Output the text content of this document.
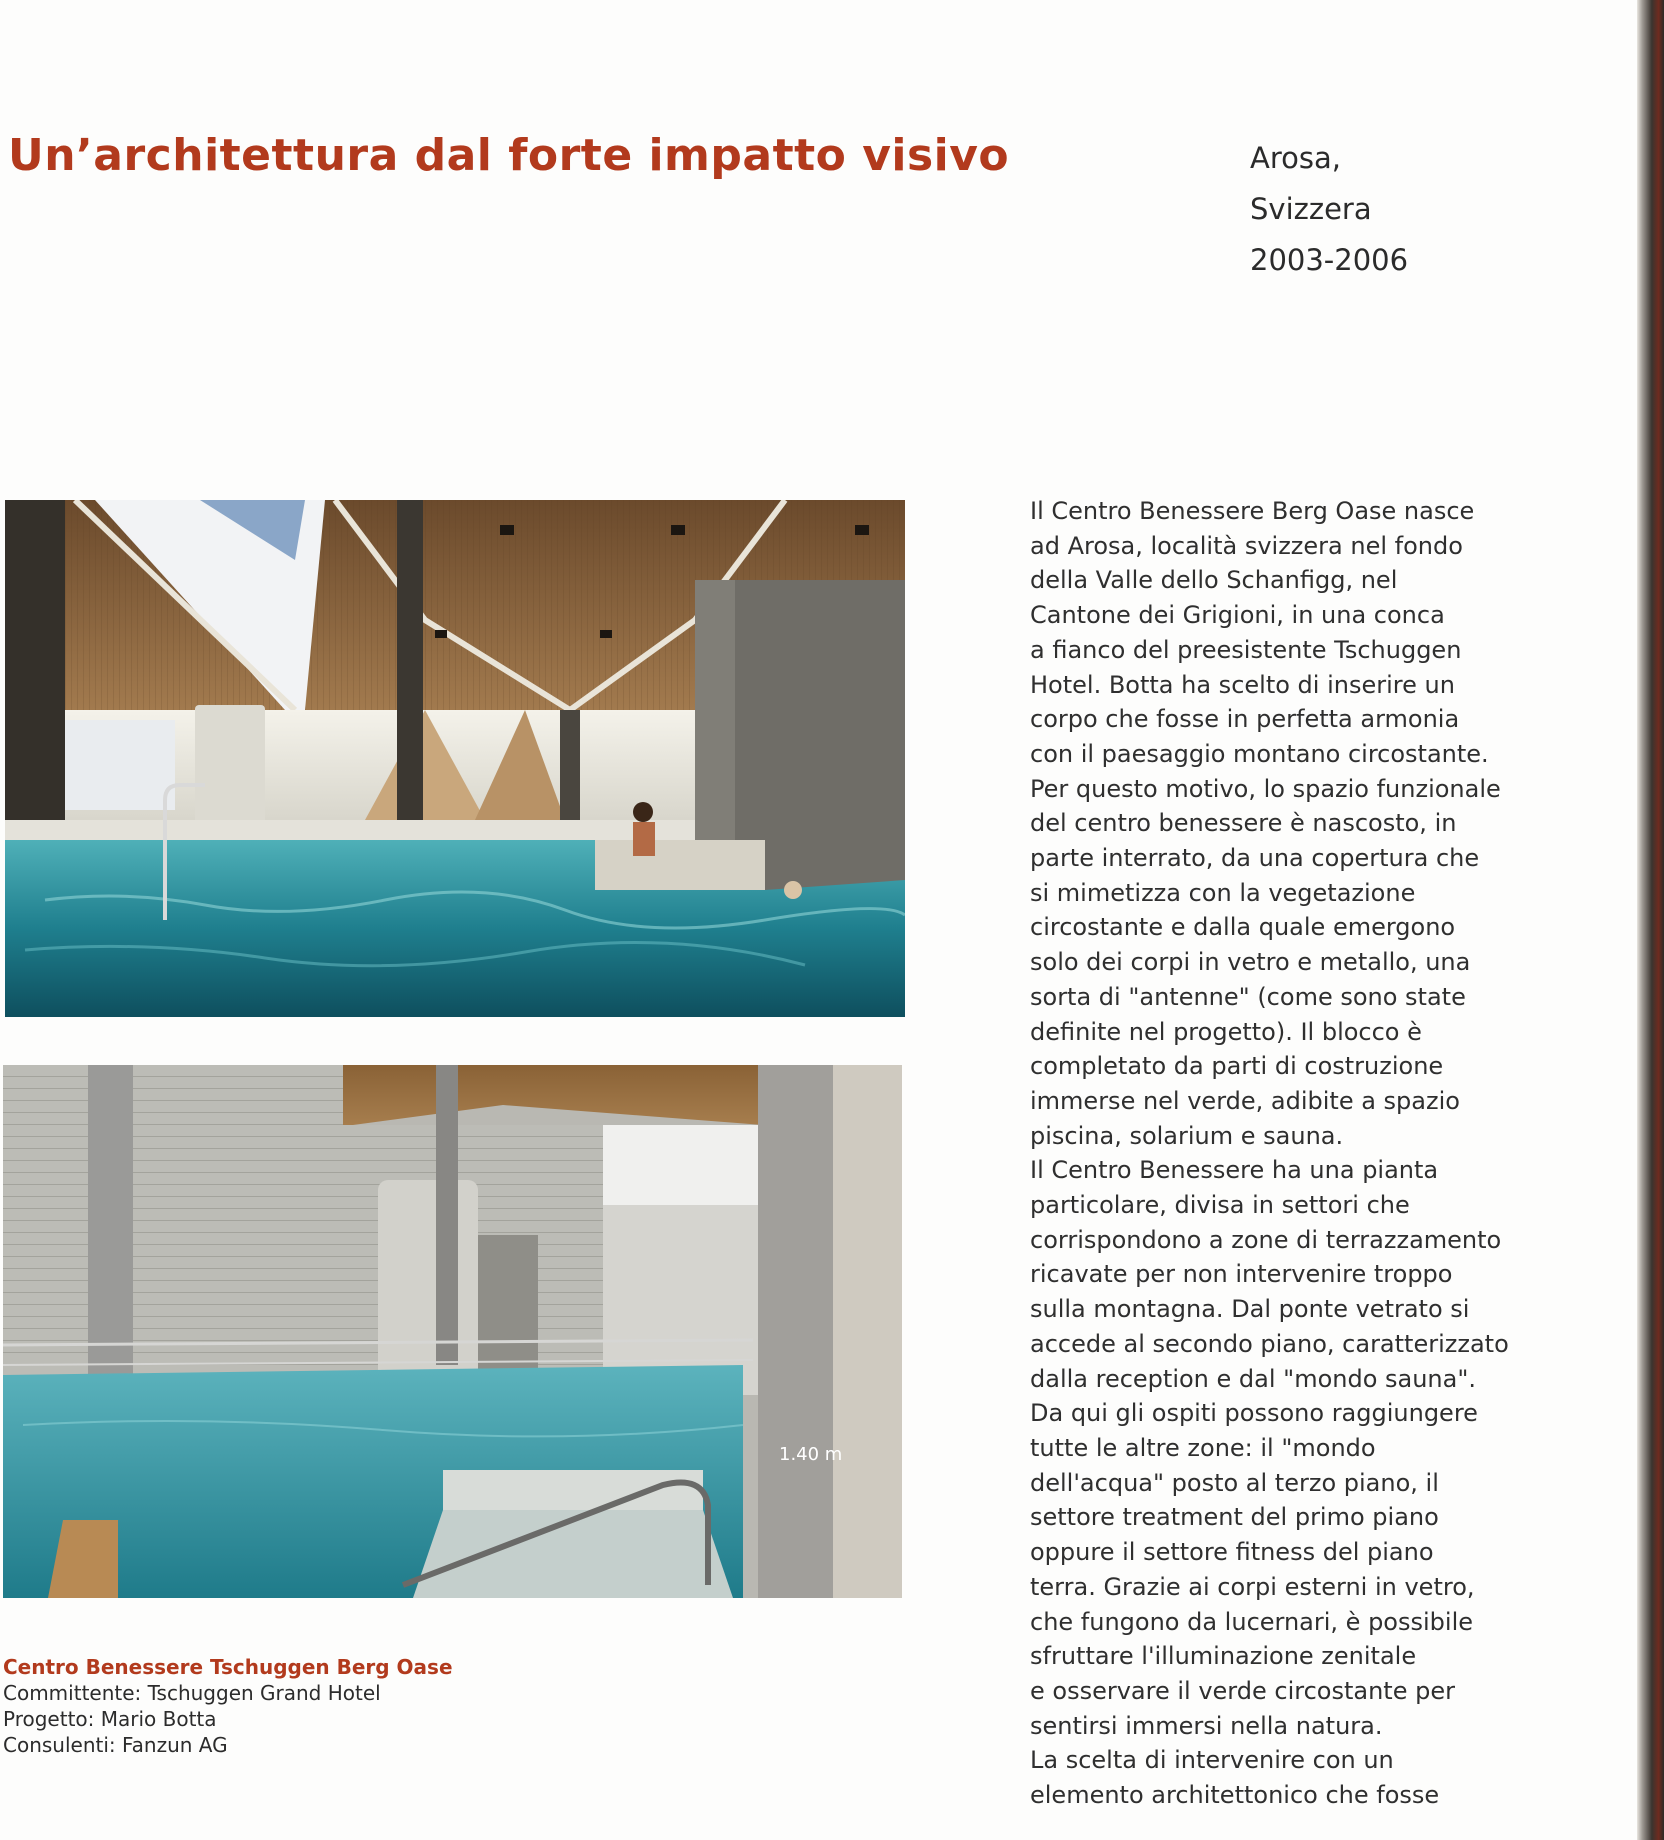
Un’architettura dal forte impatto visivo	Arosa,
Svizzera
2003-2006
1.40 m
Centro Benessere Tschuggen Berg Oase
Committente: Tschuggen Grand Hotel
Progetto: Mario Botta
Consulenti: Fanzun AG
Il Centro Benessere Berg Oase nasce
ad Arosa, località svizzera nel fondo
della Valle dello Schanfigg, nel
Cantone dei Grigioni, in una conca
a fianco del preesistente Tschuggen
Hotel. Botta ha scelto di inserire un
corpo che fosse in perfetta armonia
con il paesaggio montano circostante.
Per questo motivo, lo spazio funzionale
del centro benessere è nascosto, in
parte interrato, da una copertura che
si mimetizza con la vegetazione
circostante e dalla quale emergono
solo dei corpi in vetro e metallo, una
sorta di "antenne" (come sono state
definite nel progetto). Il blocco è
completato da parti di costruzione
immerse nel verde, adibite a spazio
piscina, solarium e sauna.
Il Centro Benessere ha una pianta
particolare, divisa in settori che
corrispondono a zone di terrazzamento
ricavate per non intervenire troppo
sulla montagna. Dal ponte vetrato si
accede al secondo piano, caratterizzato
dalla reception e dal "mondo sauna".
Da qui gli ospiti possono raggiungere
tutte le altre zone: il "mondo
dell'acqua" posto al terzo piano, il
settore treatment del primo piano
oppure il settore fitness del piano
terra. Grazie ai corpi esterni in vetro,
che fungono da lucernari, è possibile
sfruttare l'illuminazione zenitale
e osservare il verde circostante per
sentirsi immersi nella natura.
La scelta di intervenire con un
elemento architettonico che fosse
